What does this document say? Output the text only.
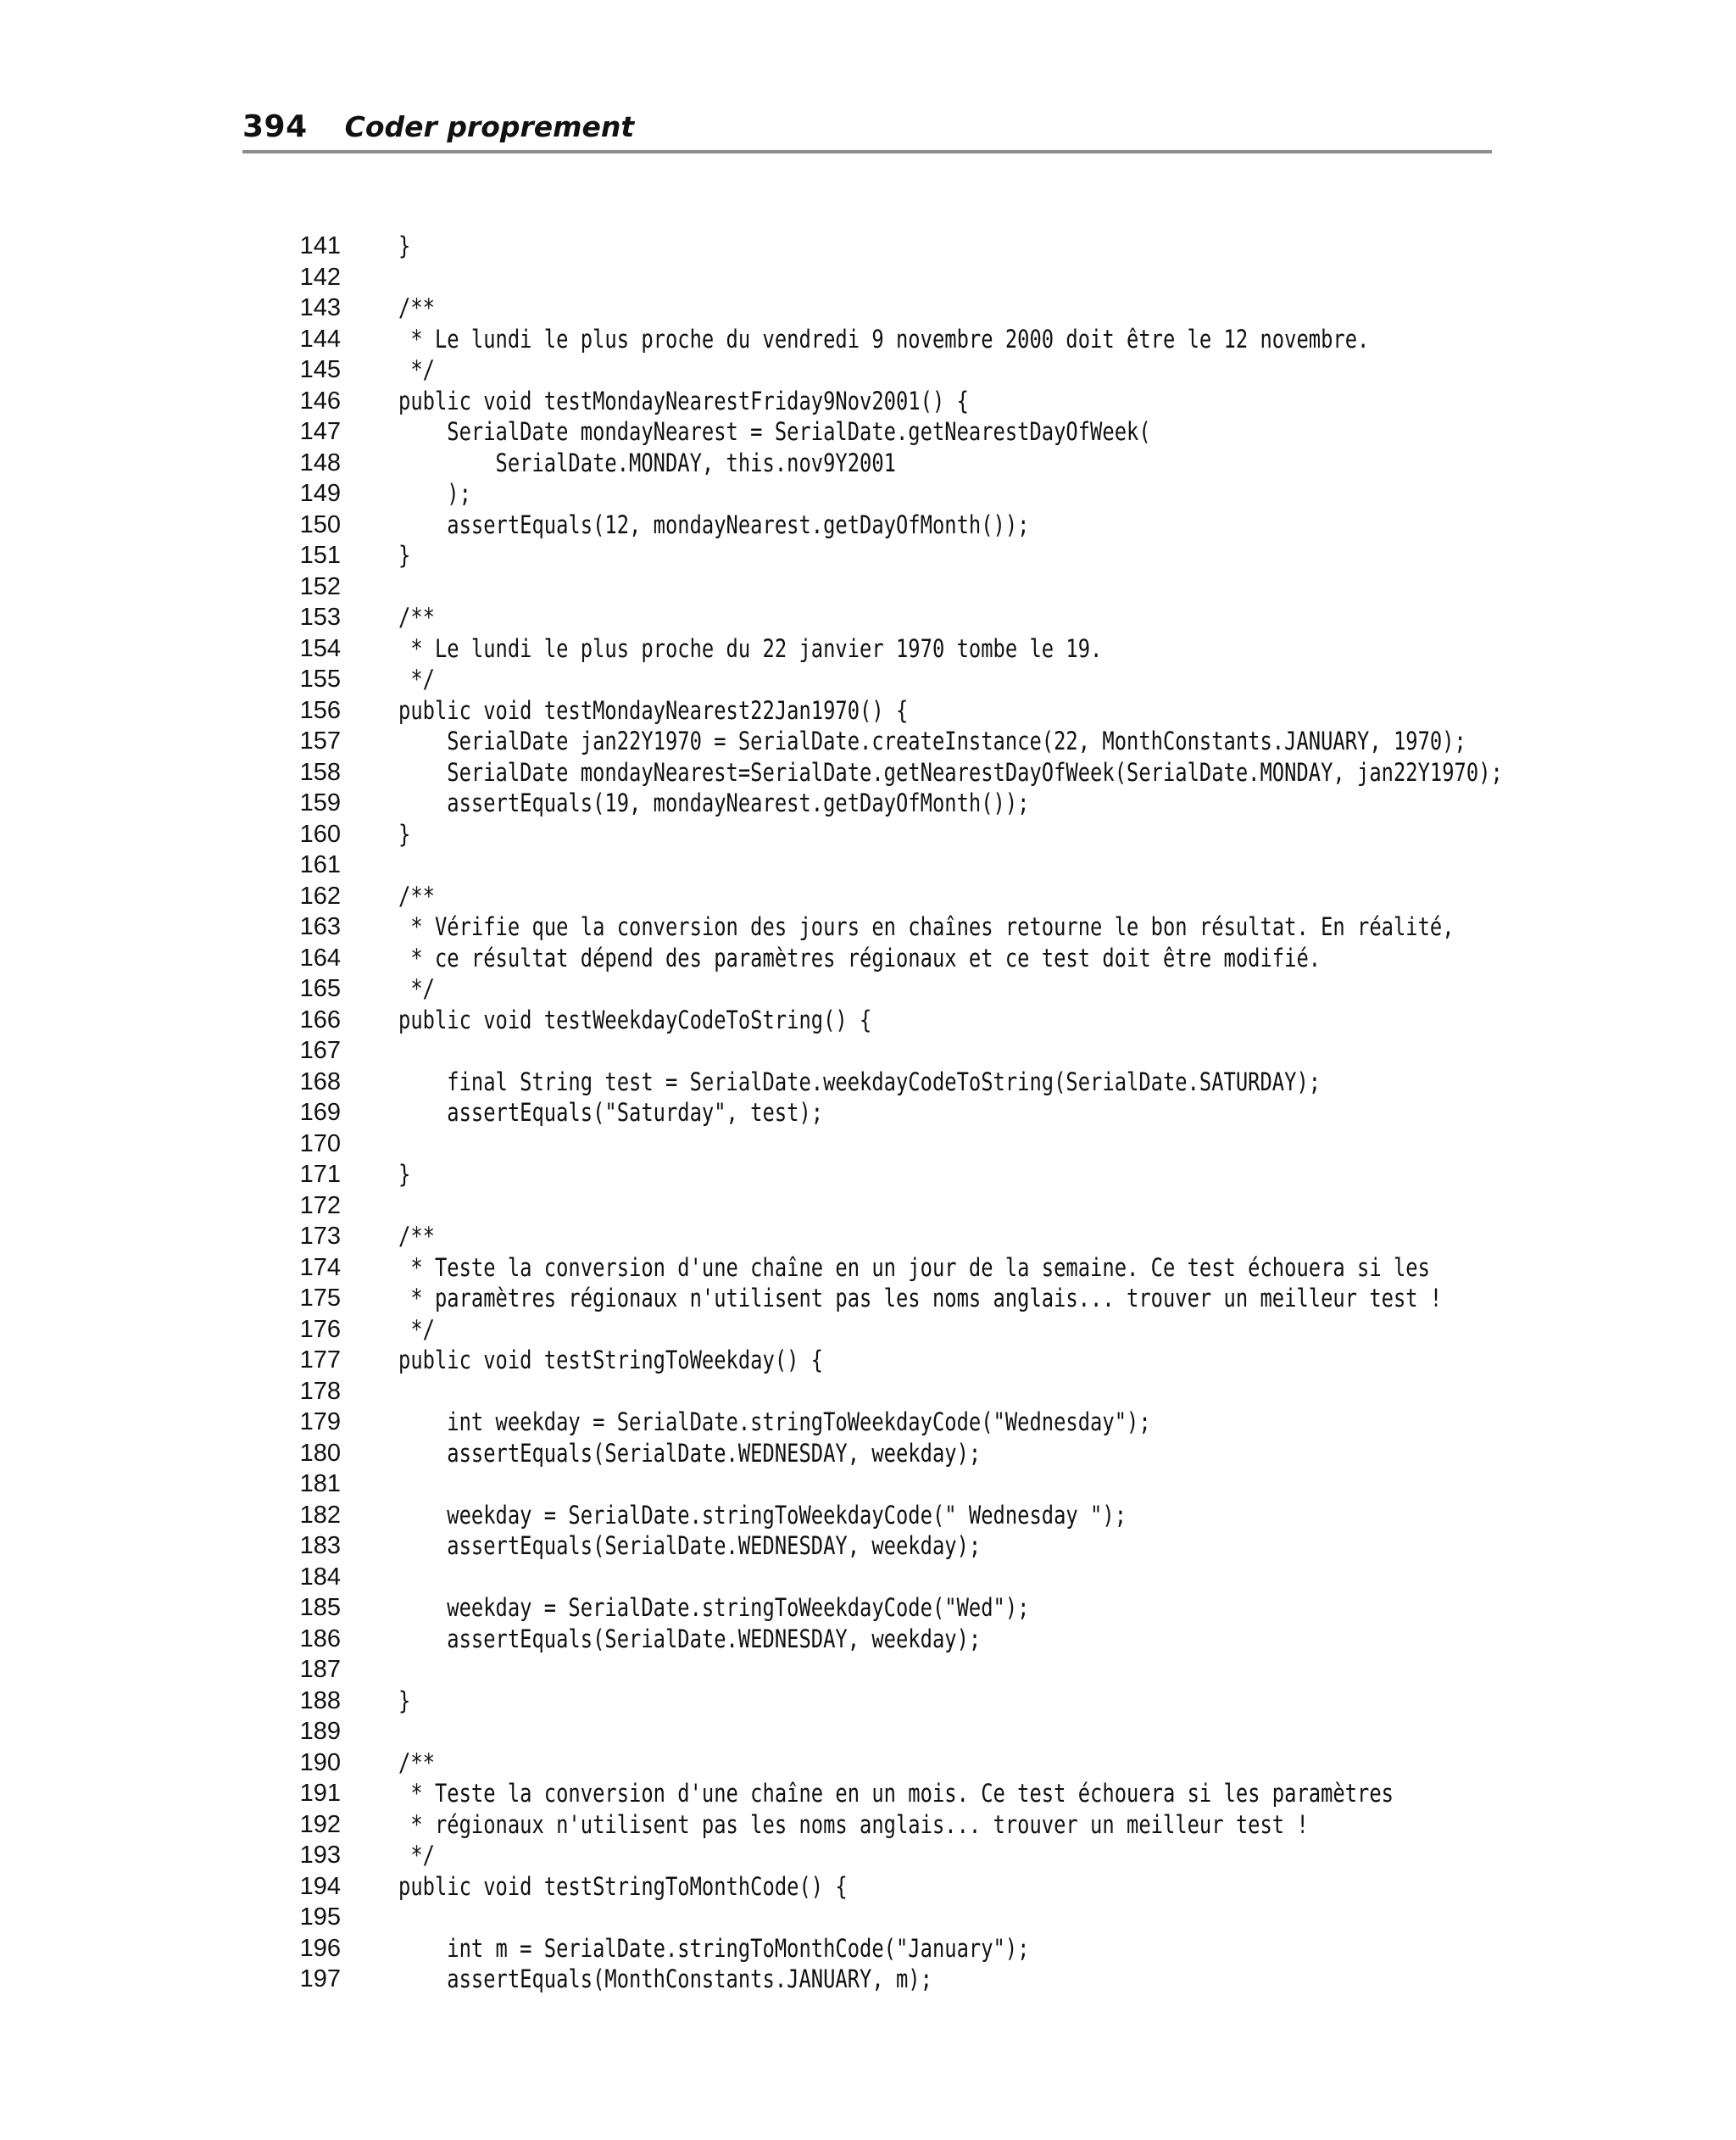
394 Coder proprement
141 }
142
143 /**
144 * Le lundi le plus proche du vendredi 9 novembre 2000 doit être le 12 novembre.
145 */
146 public void testMondayNearestFriday9Nov2001() {
147 SerialDate mondayNearest = SerialDate.getNearestDayOfWeek(
148 SerialDate.MONDAY, this.nov9Y2001
149 );
150 assertEquals(12, mondayNearest.getDayOfMonth());
151 }
152
153 /**
154 * Le lundi le plus proche du 22 janvier 1970 tombe le 19.
155 */
156 public void testMondayNearest22Jan1970() {
157 SerialDate jan22Y1970 = SerialDate.createInstance(22, MonthConstants.JANUARY, 1970);
158 SerialDate mondayNearest=SerialDate.getNearestDayOfWeek(SerialDate.MONDAY, jan22Y1970);
159 assertEquals(19, mondayNearest.getDayOfMonth());
160 }
161
162 /**
163 * Vérifie que la conversion des jours en chaînes retourne le bon résultat. En réalité,
164 * ce résultat dépend des paramètres régionaux et ce test doit être modifié.
165 */
166 public void testWeekdayCodeToString() {
167
168 final String test = SerialDate.weekdayCodeToString(SerialDate.SATURDAY);
169 assertEquals("Saturday", test);
170
171 }
172
173 /**
174 * Teste la conversion d'une chaîne en un jour de la semaine. Ce test échouera si les
175 * paramètres régionaux n'utilisent pas les noms anglais... trouver un meilleur test !
176 */
177 public void testStringToWeekday() {
178
179 int weekday = SerialDate.stringToWeekdayCode("Wednesday");
180 assertEquals(SerialDate.WEDNESDAY, weekday);
181
182 weekday = SerialDate.stringToWeekdayCode(" Wednesday ");
183 assertEquals(SerialDate.WEDNESDAY, weekday);
184
185 weekday = SerialDate.stringToWeekdayCode("Wed");
186 assertEquals(SerialDate.WEDNESDAY, weekday);
187
188 }
189
190 /**
191 * Teste la conversion d'une chaîne en un mois. Ce test échouera si les paramètres
192 * régionaux n'utilisent pas les noms anglais... trouver un meilleur test !
193 */
194 public void testStringToMonthCode() {
195
196 int m = SerialDate.stringToMonthCode("January");
197 assertEquals(MonthConstants.JANUARY, m);
